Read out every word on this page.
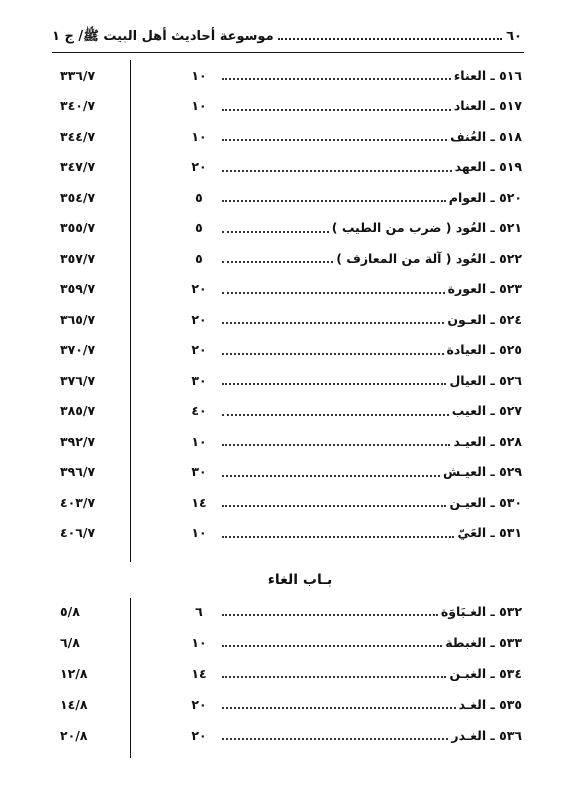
٦٠
موسوعة أحاديث أهل البيت ﷺ/ ج ١
٥١٦
ـ
العناء
١٠
٣٣٦/٧
٥١٧
ـ
العناد
١٠
٣٤٠/٧
٥١٨
ـ
العُنف
١٠
٣٤٤/٧
٥١٩
ـ
العهد
٢٠
٣٤٧/٧
٥٢٠
ـ
العوام
٥
٣٥٤/٧
٥٢١
ـ
العُود ( ضرب من الطيب )
٥
٣٥٥/٧
٥٢٢
ـ
العُود ( آلة من المعازف )
٥
٣٥٧/٧
٥٢٣
ـ
العورة
٢٠
٣٥٩/٧
٥٢٤
ـ
العـون
٢٠
٣٦٥/٧
٥٢٥
ـ
العيادة
٢٠
٣٧٠/٧
٥٢٦
ـ
العيال
٣٠
٣٧٦/٧
٥٢٧
ـ
العيب
٤٠
٣٨٥/٧
٥٢٨
ـ
العيـد
١٠
٣٩٢/٧
٥٢٩
ـ
العيـش
٣٠
٣٩٦/٧
٥٣٠
ـ
العيـن
١٤
٤٠٣/٧
٥٣١
ـ
العَيّ
١٠
٤٠٦/٧
بـاب الغاء
٥٣٢
ـ
الغـبَاوَة
٦
٥/٨
٥٣٣
ـ
الغبطة
١٠
٦/٨
٥٣٤
ـ
الغبـن
١٤
١٢/٨
٥٣٥
ـ
الغـد
٢٠
١٤/٨
٥٣٦
ـ
الغـدر
٢٠
٢٠/٨
